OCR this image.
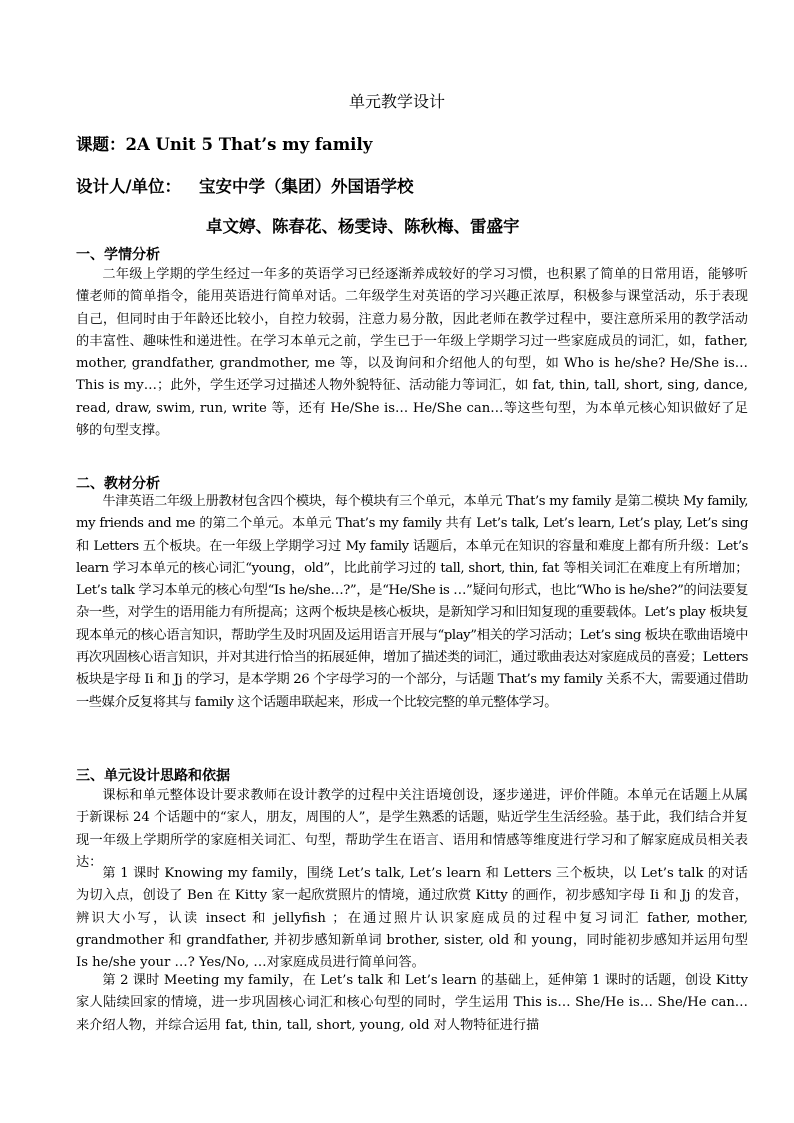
单元教学设计
课题：2A Unit 5 That’s my family
设计人/单位： 宝安中学（集团）外国语学校
卓文婷、陈春花、杨雯诗、陈秋梅、雷盛宇
一、学情分析

二年级上学期的学生经过一年多的英语学习已经逐渐养成较好的学习习惯，也积累了简单的日常用语，能够听懂老师的简单指令，能用英语进行简单对话。二年级学生对英语的学习兴趣正浓厚，积极参与课堂活动，乐于表现自己，但同时由于年龄还比较小，自控力较弱，注意力易分散，因此老师在教学过程中，要注意所采用的教学活动的丰富性、趣味性和递进性。在学习本单元之前，学生已于一年级上学期学习过一些家庭成员的词汇，如，father, mother, grandfather, grandmother, me 等，以及询问和介绍他人的句型，如 Who is he/she? He/She is… This is my…；此外，学生还学习过描述人物外貌特征、活动能力等词汇，如 fat, thin, tall, short, sing, dance, read, draw, swim, run, write 等，还有 He/She is… He/She can…等这些句型，为本单元核心知识做好了足够的句型支撑。

二、教材分析

牛津英语二年级上册教材包含四个模块，每个模块有三个单元，本单元 That’s my family 是第二模块 My family, my friends and me 的第二个单元。本单元 That’s my family 共有 Let’s talk, Let’s learn, Let’s play, Let’s sing 和 Letters 五个板块。在一年级上学期学习过 My family 话题后，本单元在知识的容量和难度上都有所升级：Let’s learn 学习本单元的核心词汇“young，old”，比此前学习过的 tall, short, thin, fat 等相关词汇在难度上有所增加；Let’s talk 学习本单元的核心句型“Is he/she…?”，是“He/She is …”疑问句形式，也比“Who is he/she?”的问法要复杂一些，对学生的语用能力有所提高；这两个板块是核心板块，是新知学习和旧知复现的重要载体。Let’s play 板块复现本单元的核心语言知识，帮助学生及时巩固及运用语言开展与“play”相关的学习活动；Let’s sing 板块在歌曲语境中再次巩固核心语言知识，并对其进行恰当的拓展延伸，增加了描述类的词汇，通过歌曲表达对家庭成员的喜爱；Letters 板块是字母 Ii 和 Jj 的学习，是本学期 26 个字母学习的一个部分，与话题 That’s my family 关系不大，需要通过借助一些媒介反复将其与 family 这个话题串联起来，形成一个比较完整的单元整体学习。

三、单元设计思路和依据

课标和单元整体设计要求教师在设计教学的过程中关注语境创设，逐步递进，评价伴随。本单元在话题上从属于新课标 24 个话题中的“家人，朋友，周围的人”，是学生熟悉的话题，贴近学生生活经验。基于此，我们结合并复现一年级上学期所学的家庭相关词汇、句型，帮助学生在语言、语用和情感等维度进行学习和了解家庭成员相关表达：

第 1 课时 Knowing my family，围绕 Let’s talk, Let’s learn 和 Letters 三个板块，以 Let’s talk 的对话为切入点，创设了 Ben 在 Kitty 家一起欣赏照片的情境，通过欣赏 Kitty 的画作，初步感知字母 Ii 和 Jj 的发音，辨识大小写，认读 insect 和 jellyfish ；在通过照片认识家庭成员的过程中复习词汇 father, mother, grandmother 和 grandfather, 并初步感知新单词 brother, sister, old 和 young，同时能初步感知并运用句型 Is he/she your …? Yes/No, …对家庭成员进行简单问答。

第 2 课时 Meeting my family，在 Let’s talk 和 Let’s learn 的基础上，延伸第 1 课时的话题，创设 Kitty 家人陆续回家的情境，进一步巩固核心词汇和核心句型的同时，学生运用 This is… She/He is… She/He can…来介绍人物，并综合运用 fat, thin, tall, short, young, old 对人物特征进行描
